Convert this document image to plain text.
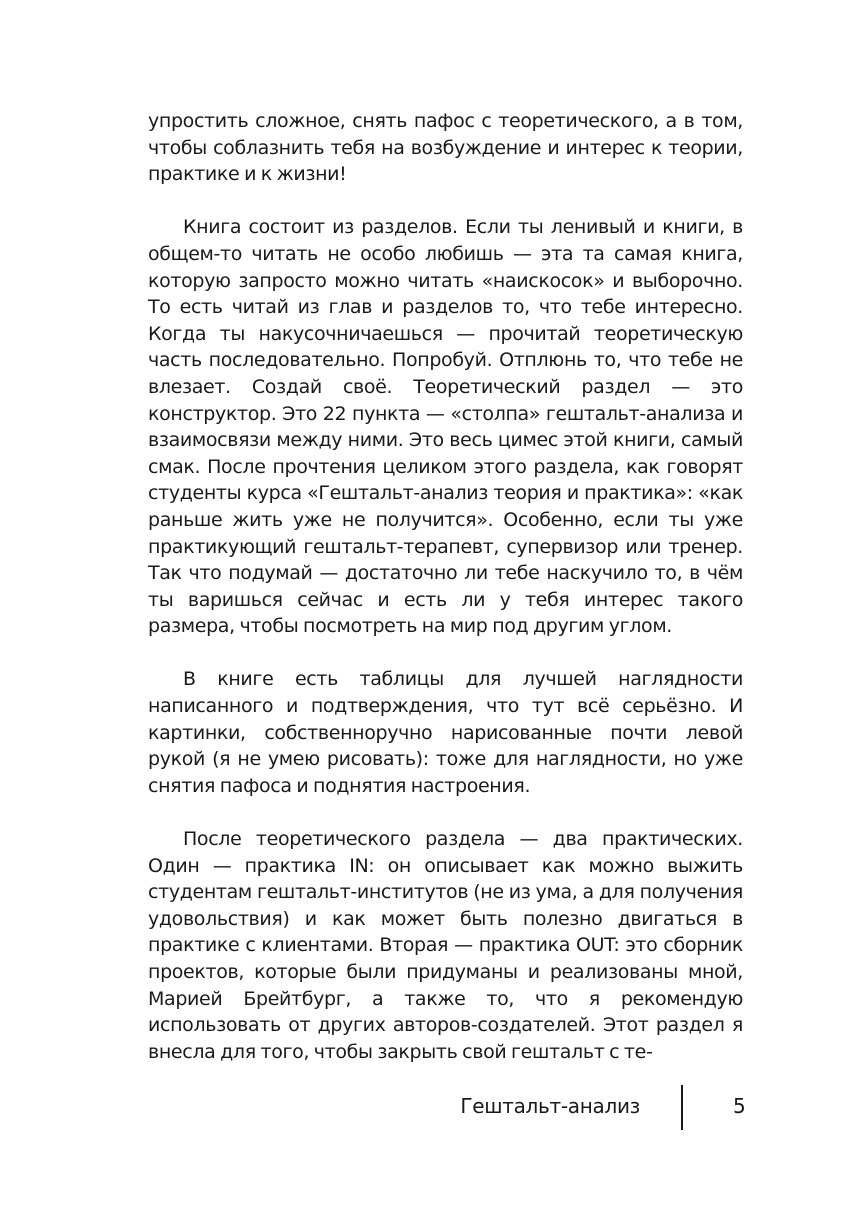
упростить сложное, снять пафос с теоретического, а в том, чтобы соблазнить тебя на возбуждение и интерес к теории, практике и к жизни!

Книга состоит из разделов. Если ты ленивый и книги, в общем-то читать не особо любишь — эта та самая книга, которую запросто можно читать «наискосок» и выборочно. То есть читай из глав и разделов то, что тебе интересно. Когда ты накусочничаешься — прочитай теоретическую часть последовательно. Попробуй. Отплюнь то, что тебе не влезает. Создай своё. Теоретический раздел — это конструктор. Это 22 пункта — «столпа» гештальт-анализа и взаимосвязи между ними. Это весь цимес этой книги, самый смак. После прочтения целиком этого раздела, как говорят студенты курса «Гештальт-анализ теория и практика»: «как раньше жить уже не получится». Особенно, если ты уже практикующий гештальт-терапевт, супервизор или тренер. Так что подумай — достаточно ли тебе наскучило то, в чём ты варишься сейчас и есть ли у тебя интерес такого размера, чтобы посмотреть на мир под другим углом.

В книге есть таблицы для лучшей наглядности написанного и подтверждения, что тут всё серьёзно. И картинки, собственноручно нарисованные почти левой рукой (я не умею рисовать): тоже для наглядности, но уже снятия пафоса и поднятия настроения.

После теоретического раздела — два практических. Один — практика IN: он описывает как можно выжить студентам гештальт-институтов (не из ума, а для получения удовольствия) и как может быть полезно двигаться в практике с клиентами. Вторая — практика OUT: это сборник проектов, которые были придуманы и реализованы мной, Марией Брейтбург, а также то, что я рекомендую использовать от других авторов-создателей. Этот раздел я внесла для того, чтобы закрыть свой гештальт с те-

Гештальт-анализ	5
